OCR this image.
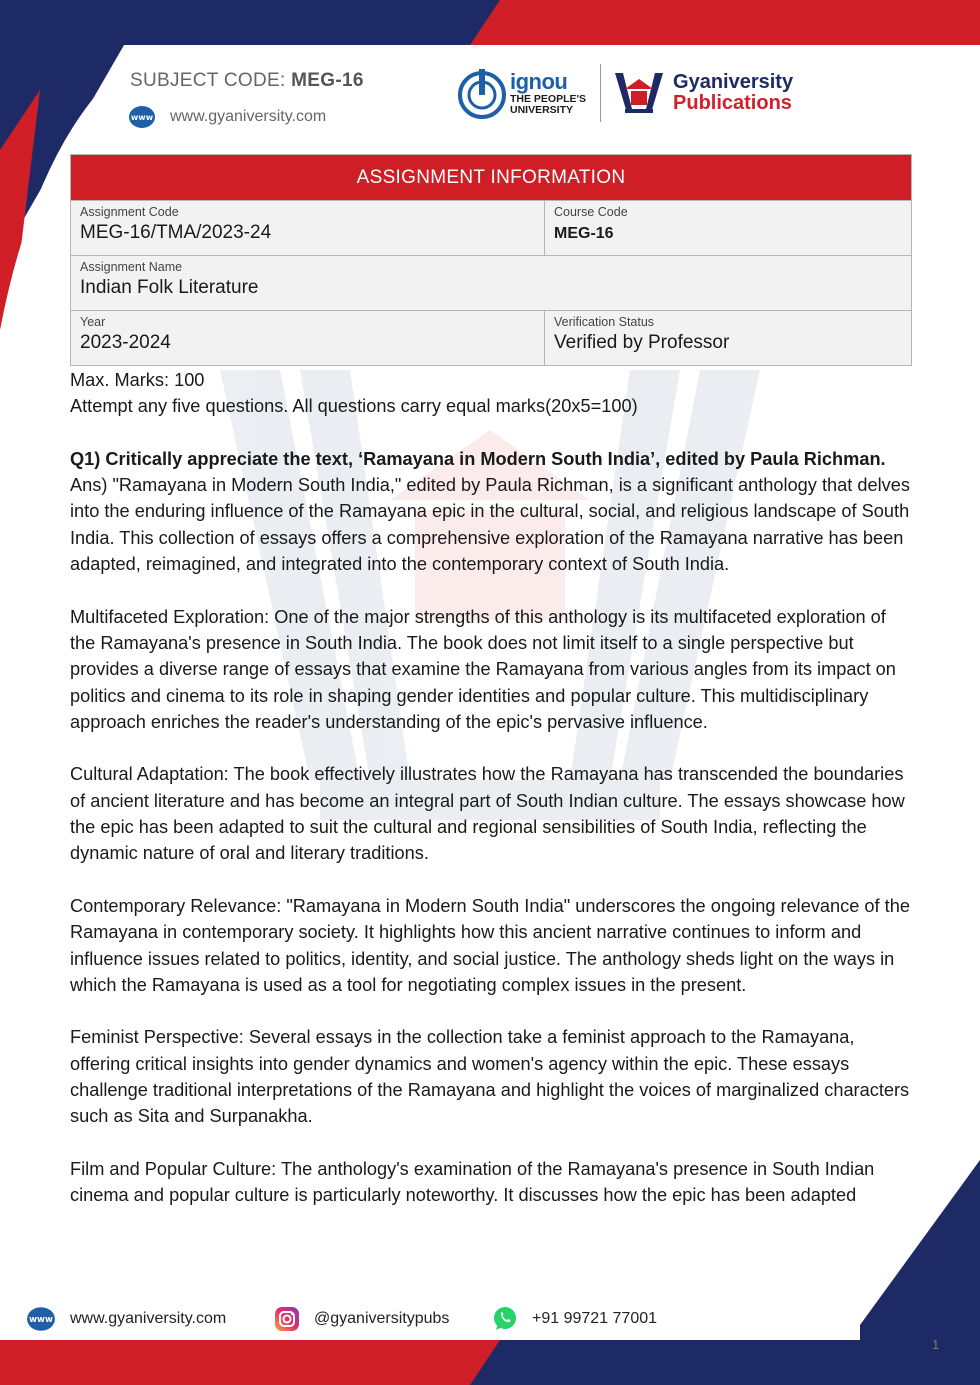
SUBJECT CODE: MEG-16
www www.gyaniversity.com
ignou
THE PEOPLE'S
UNIVERSITY
Gyaniversity
Publications
ASSIGNMENT INFORMATION
Assignment Code
MEG-16/TMA/2023-24
Course Code
MEG-16
Assignment Name
Indian Folk Literature
Year
2023-2024
Verification Status
Verified by Professor

Max. Marks: 100

Attempt any five questions. All questions carry equal marks(20x5=100)

Q1) Critically appreciate the text, ‘Ramayana in Modern South India’, edited by Paula Richman.

Ans) "Ramayana in Modern South India," edited by Paula Richman, is a significant anthology that delves into the enduring influence of the Ramayana epic in the cultural, social, and religious landscape of South India. This collection of essays offers a comprehensive exploration of the Ramayana narrative has been adapted, reimagined, and integrated into the contemporary context of South India.

Multifaceted Exploration: One of the major strengths of this anthology is its multifaceted exploration of the Ramayana's presence in South India. The book does not limit itself to a single perspective but provides a diverse range of essays that examine the Ramayana from various angles from its impact on politics and cinema to its role in shaping gender identities and popular culture. This multidisciplinary approach enriches the reader's understanding of the epic's pervasive influence.

Cultural Adaptation: The book effectively illustrates how the Ramayana has transcended the boundaries of ancient literature and has become an integral part of South Indian culture. The essays showcase how the epic has been adapted to suit the cultural and regional sensibilities of South India, reflecting the dynamic nature of oral and literary traditions.

Contemporary Relevance: "Ramayana in Modern South India" underscores the ongoing relevance of the Ramayana in contemporary society. It highlights how this ancient narrative continues to inform and influence issues related to politics, identity, and social justice. The anthology sheds light on the ways in which the Ramayana is used as a tool for negotiating complex issues in the present.

Feminist Perspective: Several essays in the collection take a feminist approach to the Ramayana, offering critical insights into gender dynamics and women's agency within the epic. These essays challenge traditional interpretations of the Ramayana and highlight the voices of marginalized characters such as Sita and Surpanakha.

Film and Popular Culture: The anthology's examination of the Ramayana's presence in South Indian cinema and popular culture is particularly noteworthy. It discusses how the epic has been adapted

www www.gyaniversity.com	@gyaniversitypubs	+91 99721 77001
1
